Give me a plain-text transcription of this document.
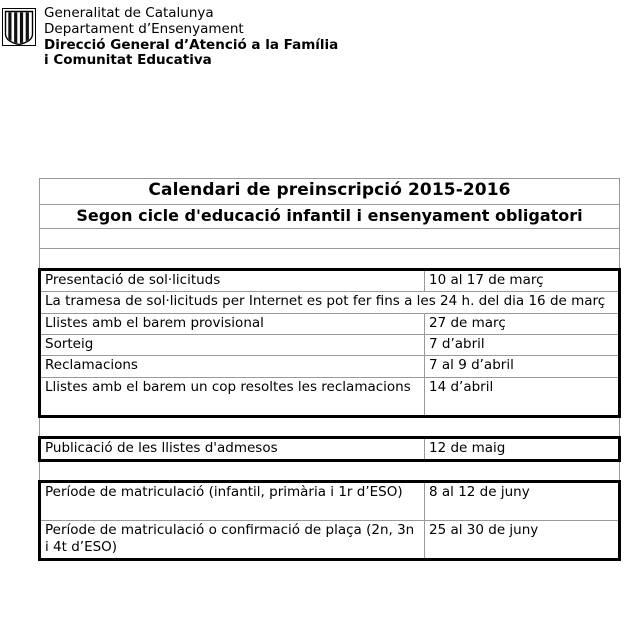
Generalitat de Catalunya
Departament d’Ensenyament
Direcció General d’Atenció a la Família
i Comunitat Educativa
Calendari de preinscripció 2015-2016	
Segon cicle d'educació infantil i ensenyament obligatori	

Presentació de sol·licituds	10 al 17 de març
La tramesa de sol·licituds per Internet es pot fer fins a les 24 h. del dia 16 de març	
Llistes amb el barem provisional	27 de març
Sorteig	7 d’abril
Reclamacions	7 al 9 d’abril
Llistes amb el barem un cop resoltes les reclamacions	14 d’abril

Publicació de les llistes d'admesos	12 de maig

Període de matriculació (infantil, primària i 1r d’ESO)	8 al 12 de juny
Període de matriculació o confirmació de plaça (2n, 3n i 4t d’ESO)	25 al 30 de juny
